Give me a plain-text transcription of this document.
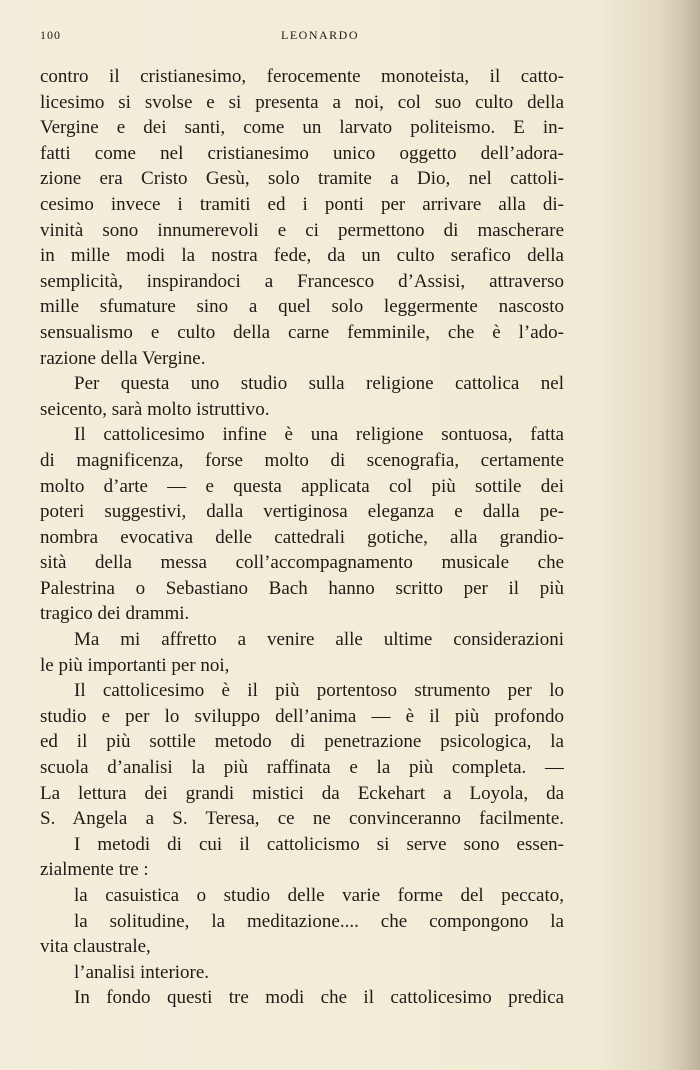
100	LEONARDO
contro il cristianesimo, ferocemente monoteista, il catto-
licesimo si svolse e si presenta a noi, col suo culto della
Vergine e dei santi, come un larvato politeismo. E in-
fatti come nel cristianesimo unico oggetto dell’adora-
zione era Cristo Gesù, solo tramite a Dio, nel cattoli-
cesimo invece i tramiti ed i ponti per arrivare alla di-
vinità sono innumerevoli e ci permettono di mascherare
in mille modi la nostra fede, da un culto serafico della
semplicità, inspirandoci a Francesco d’Assisi, attraverso
mille sfumature sino a quel solo leggermente nascosto
sensualismo e culto della carne femminile, che è l’ado-
razione della Vergine.
Per questa uno studio sulla religione cattolica nel
seicento, sarà molto istruttivo.
Il cattolicesimo infine è una religione sontuosa, fatta
di magnificenza, forse molto di scenografia, certamente
molto d’arte — e questa applicata col più sottile dei
poteri suggestivi, dalla vertiginosa eleganza e dalla pe-
nombra evocativa delle cattedrali gotiche, alla grandio-
sità della messa coll’accompagnamento musicale che
Palestrina o Sebastiano Bach hanno scritto per il più
tragico dei drammi.
Ma mi affretto a venire alle ultime considerazioni
le più importanti per noi,
Il cattolicesimo è il più portentoso strumento per lo
studio e per lo sviluppo dell’anima — è il più profondo
ed il più sottile metodo di penetrazione psicologica, la
scuola d’analisi la più raffinata e la più completa. —
La lettura dei grandi mistici da Eckehart a Loyola, da
S. Angela a S. Teresa, ce ne convinceranno facilmente.
I metodi di cui il cattolicismo si serve sono essen-
zialmente tre :
la casuistica o studio delle varie forme del peccato,
la solitudine, la meditazione.... che compongono la
vita claustrale,
l’analisi interiore.
In fondo questi tre modi che il cattolicesimo predica
